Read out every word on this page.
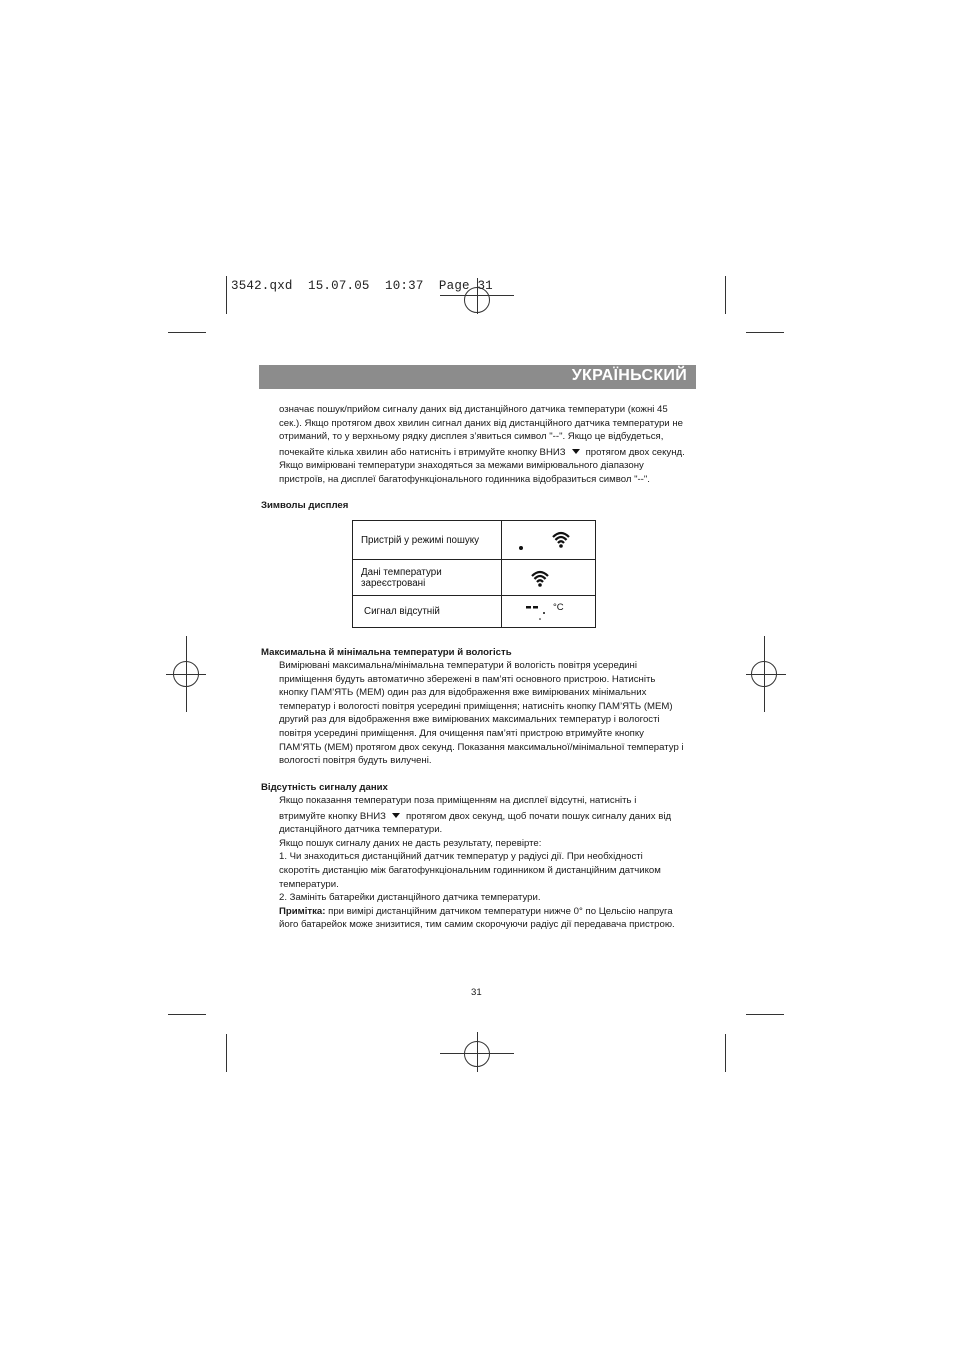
3542.qxd  15.07.05  10:37  Page 31
УКРАЇНЬСКИЙ
означає пошук/прийом сигналу даних від дистанційного датчика температури (кожні 45
сек.). Якщо протягом двох хвилин сигнал даних від дистанційного датчика температури не
отриманий, то у верхньому рядку дисплея з’явиться символ "--". Якщо це відбудеться,
почекайте кілька хвилин або натисніть і втримуйте кнопку ВНИЗ протягом двох секунд.
Якщо вимірювані температури знаходяться за межами вимірювального діапазону
пристроїв, на дисплеї багатофункціонального годинника відобразиться символ "--".
Зимволы дисплея
Пристрій у режимі пошуку	

Дані температури
зареєстровані

Сигнал відсутній	°C
Максимальна й мінімальна температури й вологість
Вимірювані максимальна/мінімальна температури й вологість повітря усередині
приміщення будуть автоматично збережені в пам’яті основного пристрою. Натисніть
кнопку ПАМ’ЯТЬ (MEM) один раз для відображення вже вимірюваних мінімальних
температур і вологості повітря усередині приміщення; натисніть кнопку ПАМ’ЯТЬ (MEM)
другий раз для відображення вже вимірюваних максимальних температур і вологості
повітря усередині приміщення. Для очищення пам’яті пристрою втримуйте кнопку
ПАМ’ЯТЬ (MEM) протягом двох секунд. Показання максимальної/мінімальної температур і
вологості повітря будуть вилучені.
Відсутність сигналу даних
Якщо показання температури поза приміщенням на дисплеї відсутні, натисніть і
втримуйте кнопку ВНИЗ протягом двох секунд, щоб почати пошук сигналу даних від
дистанційного датчика температури.
Якщо пошук сигналу даних не дасть результату, перевірте:
1. Чи знаходиться дистанційний датчик температур у радіусі дії. При необхідності
скоротіть дистанцію між багатофункціональним годинником й дистанційним датчиком
температури.
2. Замініть батарейки дистанційного датчика температури.
Примітка: при вимірі дистанційним датчиком температури нижче 0° по Цельсію напруга
його батарейок може знизитися, тим самим скорочуючи радіус дії передавача пристрою.
31
